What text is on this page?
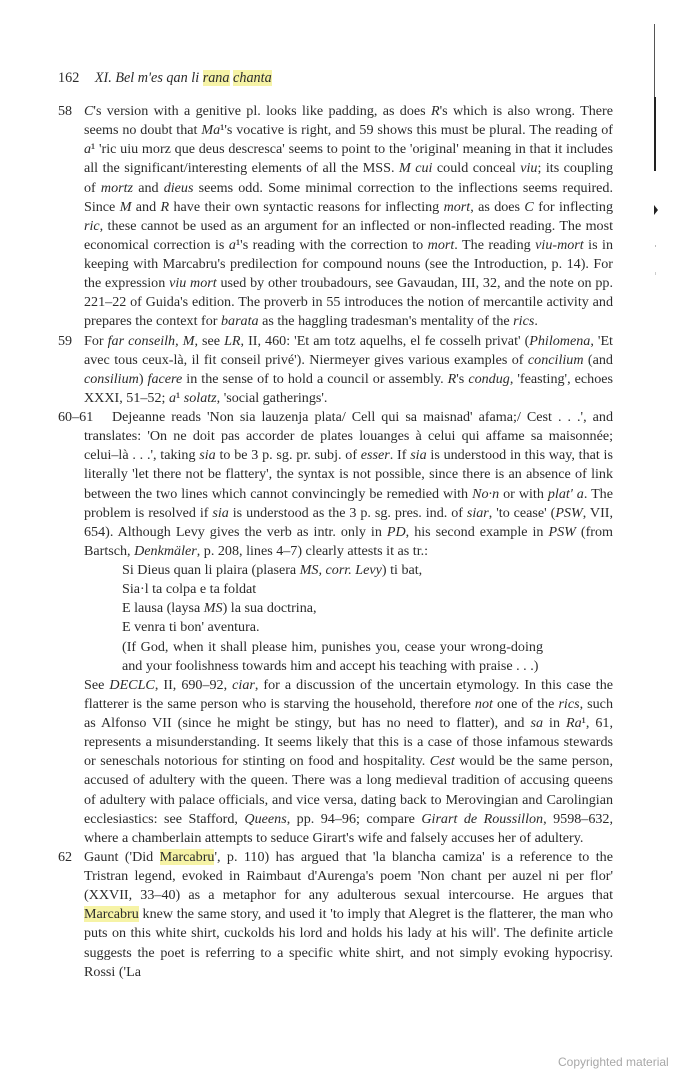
162 XI. Bel m'es qan li rana chanta
58 C's version with a genitive pl. looks like padding, as does R's which is also wrong. There seems no doubt that Ma¹'s vocative is right, and 59 shows this must be plural. The reading of a¹ 'ric uiu morz que deus descresca' seems to point to the 'original' meaning in that it includes all the significant/interesting elements of all the MSS. M cui could conceal viu; its coupling of mortz and dieus seems odd. Some minimal correction to the inflections seems required. Since M and R have their own syntactic reasons for inflecting mort, as does C for inflecting ric, these cannot be used as an argument for an inflected or non-inflected reading. The most economical correction is a¹'s reading with the correction to mort. The reading viu-mort is in keeping with Marcabru's predilection for compound nouns (see the Introduction, p. 14). For the expression viu mort used by other troubadours, see Gavaudan, III, 32, and the note on pp. 221–22 of Guida's edition. The proverb in 55 introduces the notion of mercantile activity and prepares the context for barata as the haggling tradesman's mentality of the rics.

59 For far conseilh, M, see LR, II, 460: 'Et am totz aquelhs, el fe cosselh privat' (Philomena, 'Et avec tous ceux-là, il fit conseil privé'). Niermeyer gives various examples of concilium (and consilium) facere in the sense of to hold a council or assembly. R's condug, 'feasting', echoes XXXI, 51–52; a¹ solatz, 'social gatherings'.

60–61	Dejeanne reads 'Non sia lauzenja plata/ Cell qui sa maisnad' afama;/ Cest . . .', and translates: 'On ne doit pas accorder de plates louanges à celui qui affame sa maisonnée; celui–là . . .', taking sia to be 3 p. sg. pr. subj. of esser. If sia is understood in this way, that is literally 'let there not be flattery', the syntax is not possible, since there is an absence of link between the two lines which cannot convincingly be remedied with No·n or with plat' a. The problem is resolved if sia is understood as the 3 p. sg. pres. ind. of siar, 'to cease' (PSW, VII, 654). Although Levy gives the verb as intr. only in PD, his second example in PSW (from Bartsch, Denkmäler, p. 208, lines 4–7) clearly attests it as tr.:

Si Dieus quan li plaira (plasera MS, corr. Levy) ti bat,
Sia·l ta colpa e ta foldat
E lausa (laysa MS) la sua doctrina,
E venra ti bon' aventura.
(If God, when it shall please him, punishes you, cease your wrong-doing and your foolishness towards him and accept his teaching with praise . . .)

See DECLC, II, 690–92, ciar, for a discussion of the uncertain etymology. In this case the flatterer is the same person who is starving the household, therefore not one of the rics, such as Alfonso VII (since he might be stingy, but has no need to flatter), and sa in Ra¹, 61, represents a misunderstanding. It seems likely that this is a case of those infamous stewards or seneschals notorious for stinting on food and hospitality. Cest would be the same person, accused of adultery with the queen. There was a long medieval tradition of accusing queens of adultery with palace officials, and vice versa, dating back to Merovingian and Carolingian ecclesiastics: see Stafford, Queens, pp. 94–96; compare Girart de Roussillon, 9598–632, where a chamberlain attempts to seduce Girart's wife and falsely accuses her of adultery.

62 Gaunt ('Did Marcabru', p. 110) has argued that 'la blancha camiza' is a reference to the Tristran legend, evoked in Raimbaut d'Aurenga's poem 'Non chant per auzel ni per flor' (XXVII, 33–40) as a metaphor for any adulterous sexual intercourse. He argues that Marcabru knew the same story, and used it 'to imply that Alegret is the flatterer, the man who puts on this white shirt, cuckolds his lord and holds his lady at his will'. The definite article suggests the poet is referring to a specific white shirt, and not simply evoking hypocrisy. Rossi ('La

Copyrighted material
